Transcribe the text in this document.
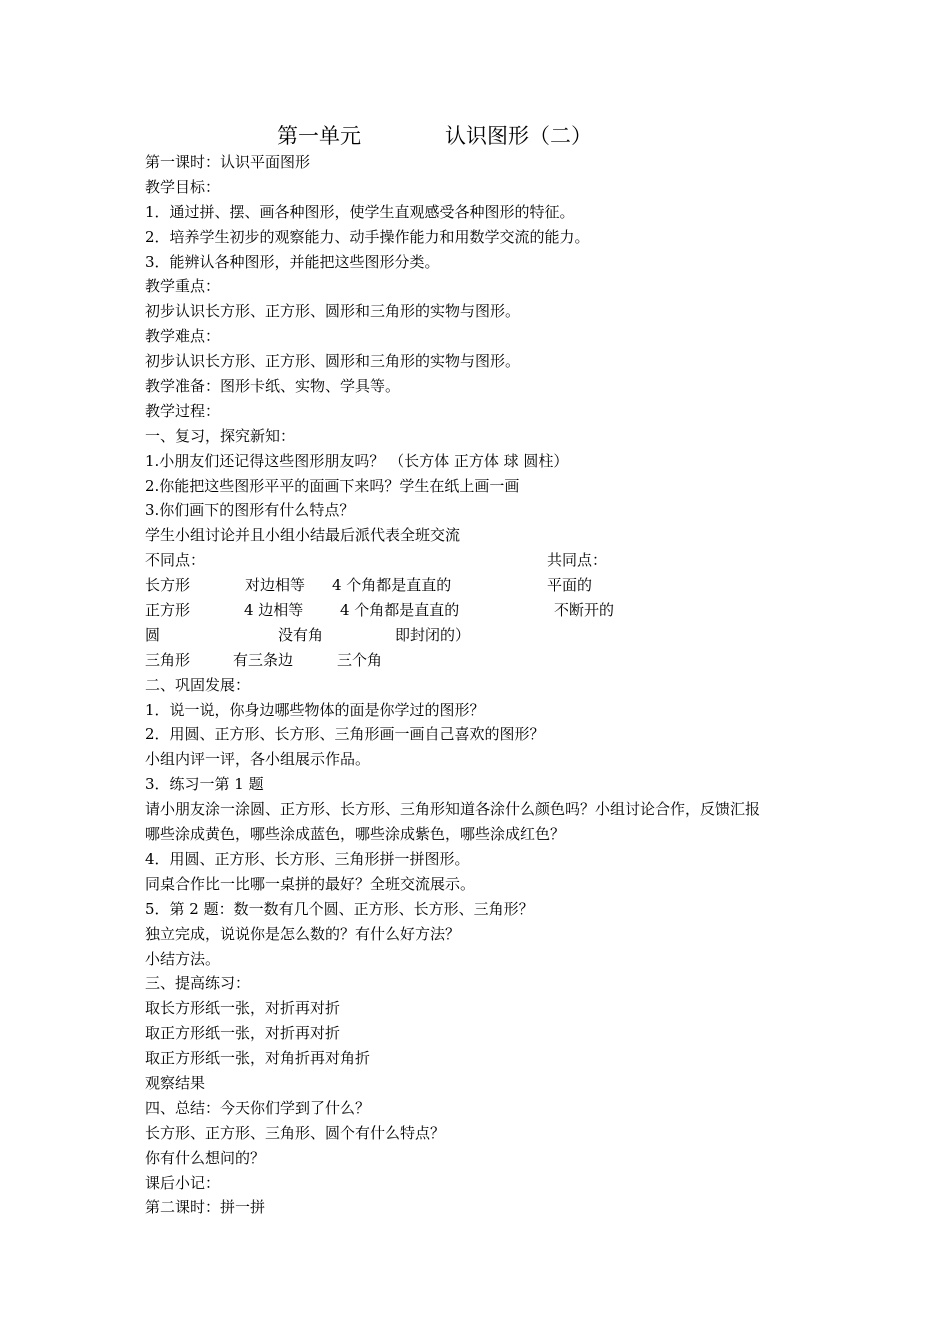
第一单元

	认识图形（二）

第一课时：认识平面图形
教学目标：
1．通过拼、摆、画各种图形，使学生直观感受各种图形的特征。
2．培养学生初步的观察能力、动手操作能力和用数学交流的能力。
3．能辨认各种图形，并能把这些图形分类。
教学重点：
初步认识长方形、正方形、圆形和三角形的实物与图形。
教学难点：
初步认识长方形、正方形、圆形和三角形的实物与图形。
教学准备：图形卡纸、实物、学具等。
教学过程：
一、复习，探究新知：
1.小朋友们还记得这些图形朋友吗？ （长方体 正方体 球 圆柱）
2.你能把这些图形平平的面画下来吗？学生在纸上画一画
3.你们画下的图形有什么特点？
学生小组讨论并且小组小结最后派代表全班交流
不同点：	共同点：
长方形	对边相等 4 个角都是直直的	平面的
正方形	4 边相等 4 个角都是直直的	不断开的
圆	没有角	即封闭的）
三角形	有三条边	三个角
二、巩固发展：
1．说一说，你身边哪些物体的面是你学过的图形？
2．用圆、正方形、长方形、三角形画一画自己喜欢的图形？
小组内评一评，各小组展示作品。
3．练习一第 1 题
请小朋友涂一涂圆、正方形、长方形、三角形知道各涂什么颜色吗？小组讨论合作，反馈汇报
哪些涂成黄色，哪些涂成蓝色，哪些涂成紫色，哪些涂成红色？
4．用圆、正方形、长方形、三角形拼一拼图形。
同桌合作比一比哪一桌拼的最好？全班交流展示。
5．第 2 题：数一数有几个圆、正方形、长方形、三角形？
独立完成，说说你是怎么数的？有什么好方法？
小结方法。
三、提高练习：
取长方形纸一张，对折再对折
取正方形纸一张，对折再对折
取正方形纸一张，对角折再对角折
观察结果
四、总结：今天你们学到了什么？
长方形、正方形、三角形、圆个有什么特点？
你有什么想问的？
课后小记：
第二课时：拼一拼
